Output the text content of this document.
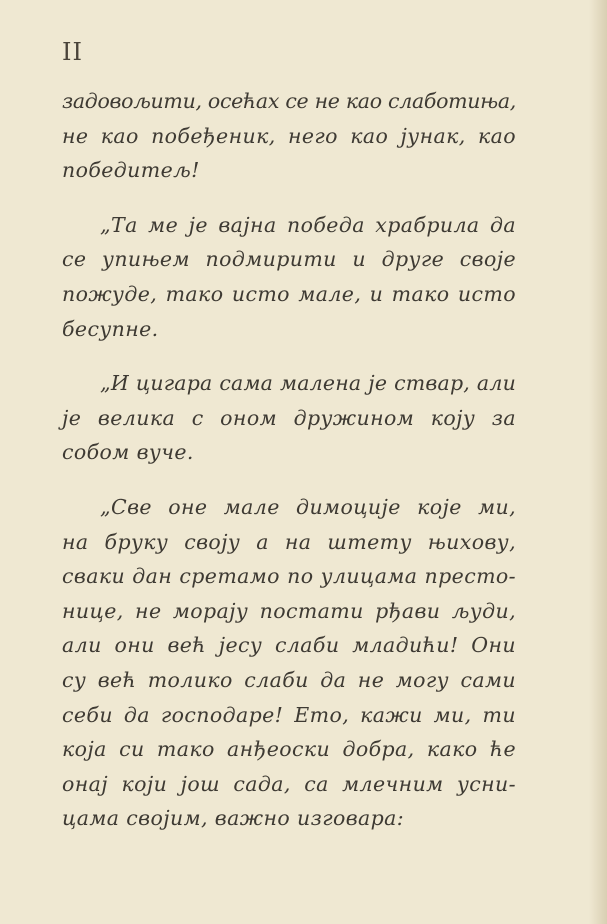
II

задовољити, осећах се не као слаботиња,
не као побеђеник, него као јунак, као
победитељ!

„Та ме је вајна победа храбрила да
се упињем подмирити и друге своје
пожуде, тако исто мале, и тако исто
бесупне.

„И цигара сама малена је ствар, али
је велика с оном дружином коју за
собом вуче.

„Све оне мале димоције које ми,
на бруку своју а на штету њихову,
сваки дан сретамо по улицама престо-
нице, не морају постати рђави људи,
али они већ јесу слаби младићи! Они
су већ толико слаби да не могу сами
себи да господаре! Ето, кажи ми, ти
која си тако анђеоски добра, како ће
онај који још сада, са млечним усни-
цама својим, важно изговара:
